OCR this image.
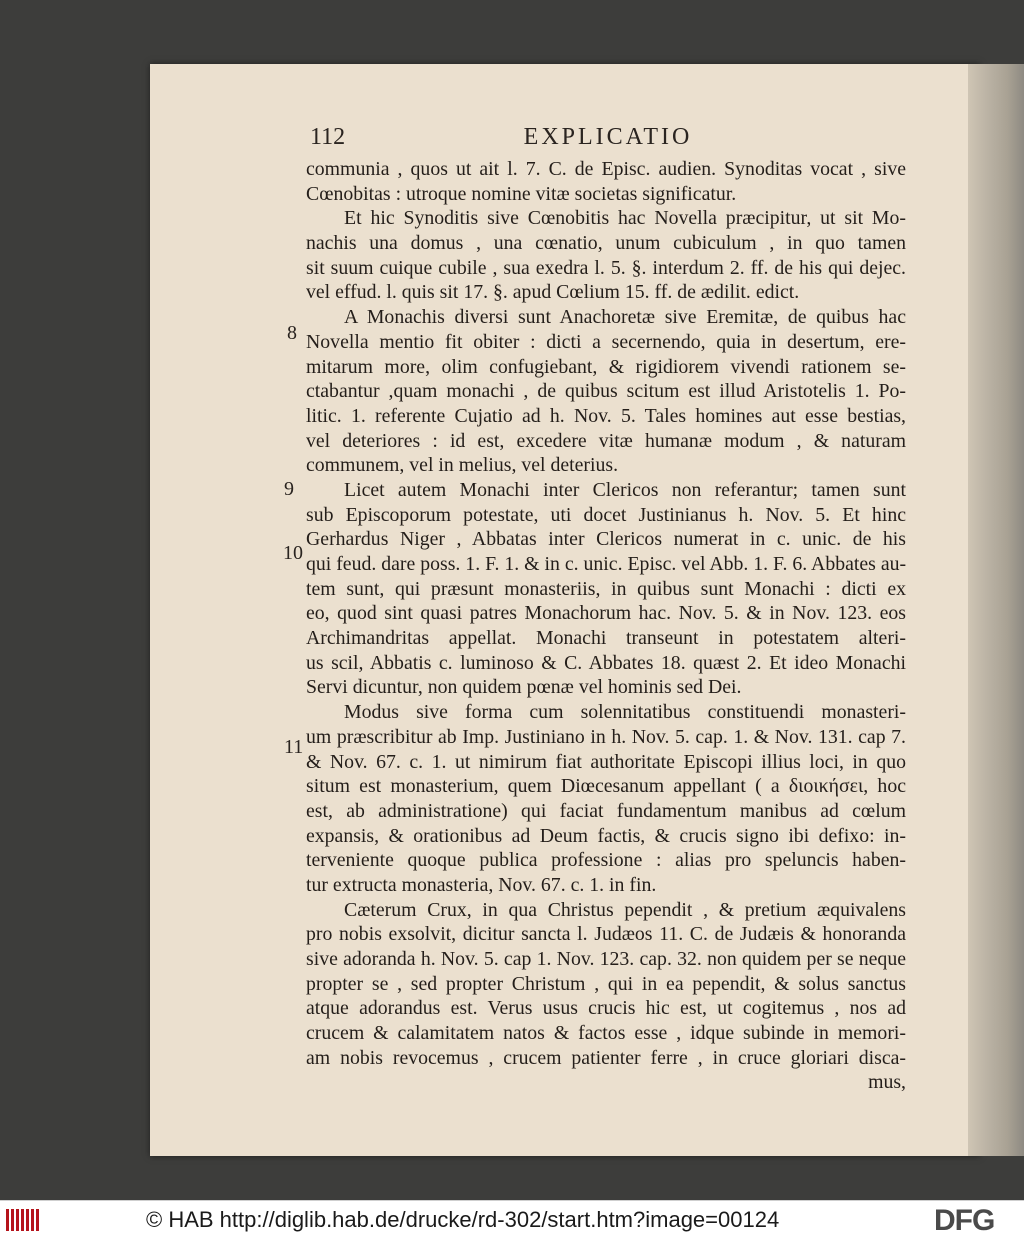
112	EXPLICATIO
communia , quos ut ait l. 7. C. de Episc. audien. Synoditas vocat , sive
Cœnobitas : utroque nomine vitæ societas significatur.
Et hic Synoditis sive Cœnobitis hac Novella præcipitur, ut sit Mo-
nachis una domus , una cœnatio, unum cubiculum , in quo tamen
sit suum cuique cubile , sua exedra l. 5. §. interdum 2. ff. de his qui dejec.
vel effud. l. quis sit 17. §. apud Cœlium 15. ff. de ædilit. edict.
A Monachis diversi sunt Anachoretæ sive Eremitæ, de quibus hac
Novella mentio fit obiter : dicti a secernendo, quia in desertum, ere-
mitarum more, olim confugiebant, & rigidiorem vivendi rationem se-
ctabantur ,quam monachi , de quibus scitum est illud Aristotelis 1. Po-
litic. 1. referente Cujatio ad h. Nov. 5. Tales homines aut esse bestias,
vel deteriores : id est, excedere vitæ humanæ modum , & naturam
communem, vel in melius, vel deterius.
Licet autem Monachi inter Clericos non referantur; tamen sunt
sub Episcoporum potestate, uti docet Justinianus h. Nov. 5. Et hinc
Gerhardus Niger , Abbatas inter Clericos numerat in c. unic. de his
qui feud. dare poss. 1. F. 1. & in c. unic. Episc. vel Abb. 1. F. 6. Abbates au-
tem sunt, qui præsunt monasteriis, in quibus sunt Monachi : dicti ex
eo, quod sint quasi patres Monachorum hac. Nov. 5. & in Nov. 123. eos
Archimandritas appellat. Monachi transeunt in potestatem alteri-
us scil, Abbatis c. luminoso & C. Abbates 18. quæst 2. Et ideo Monachi
Servi dicuntur, non quidem pœnæ vel hominis sed Dei.
Modus sive forma cum solennitatibus constituendi monasteri-
um præscribitur ab Imp. Justiniano in h. Nov. 5. cap. 1. & Nov. 131. cap 7.
& Nov. 67. c. 1. ut nimirum fiat authoritate Episcopi illius loci, in quo
situm est monasterium, quem Diœcesanum appellant ( a διοικήσει, hoc
est, ab administratione) qui faciat fundamentum manibus ad cœlum
expansis, & orationibus ad Deum factis, & crucis signo ibi defixo: in-
terveniente quoque publica professione : alias pro speluncis haben-
tur extructa monasteria, Nov. 67. c. 1. in fin.
Cæterum Crux, in qua Christus pependit , & pretium æquivalens
pro nobis exsolvit, dicitur sancta l. Judæos 11. C. de Judæis & honoranda
sive adoranda h. Nov. 5. cap 1. Nov. 123. cap. 32. non quidem per se neque
propter se , sed propter Christum , qui in ea pependit, & solus sanctus
atque adorandus est. Verus usus crucis hic est, ut cogitemus , nos ad
crucem & calamitatem natos & factos esse , idque subinde in memori-
am nobis revocemus , crucem patienter ferre , in cruce gloriari disca-
mus,
8
9
10
11
© HAB http://diglib.hab.de/drucke/rd-302/start.htm?image=00124	DFG
